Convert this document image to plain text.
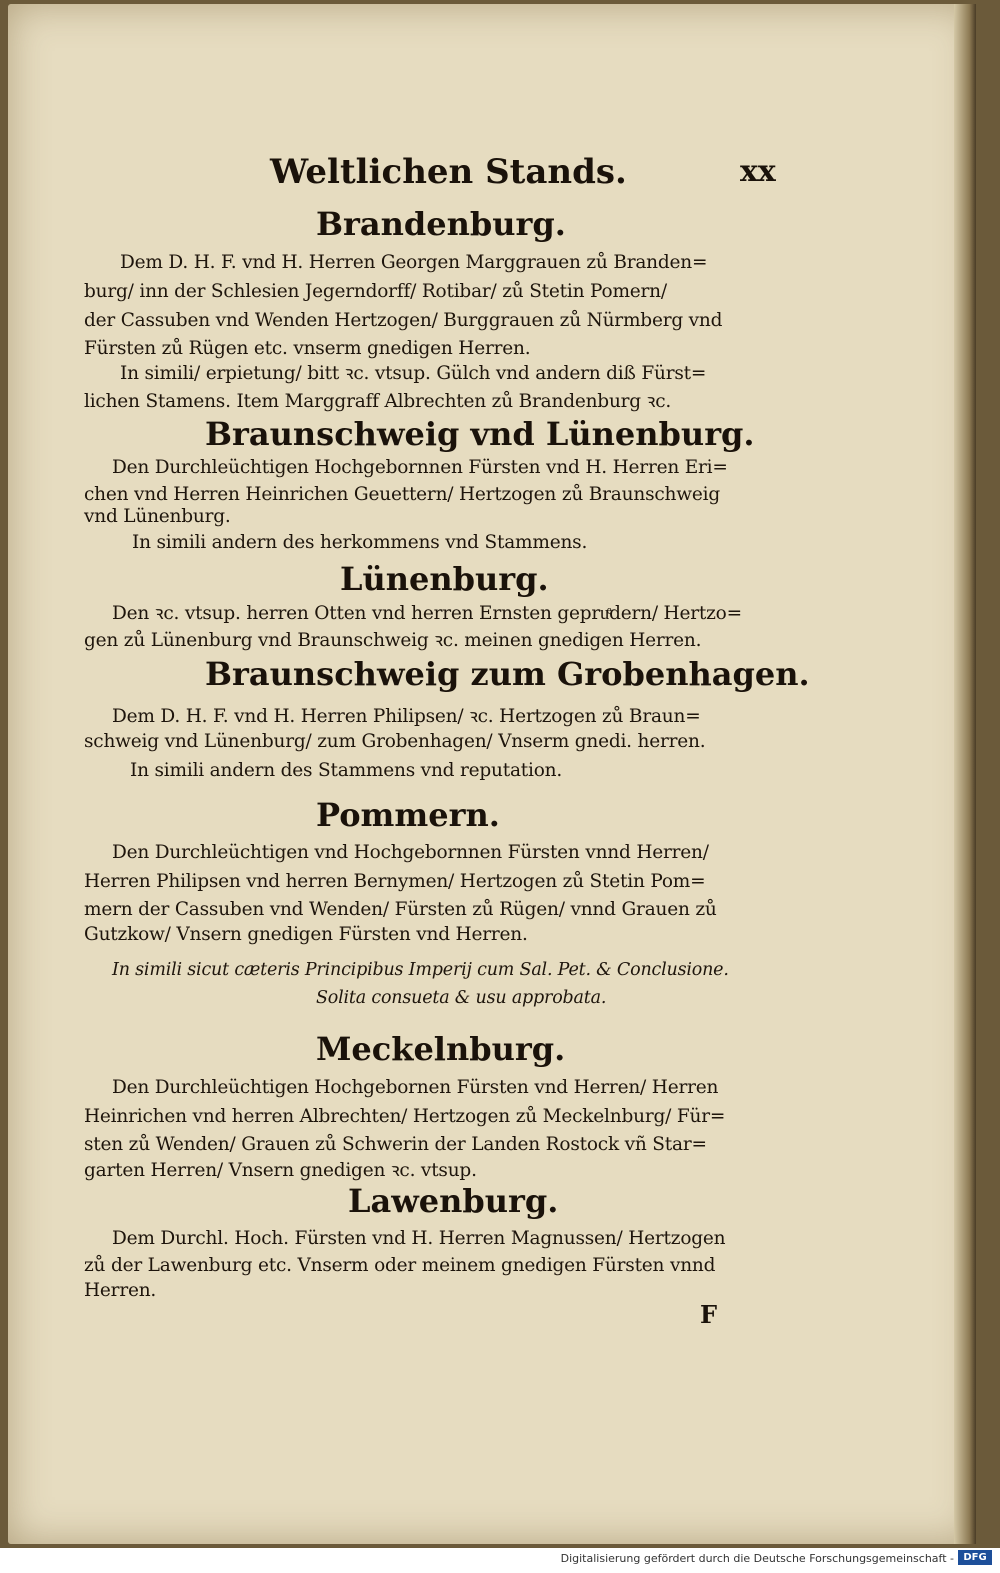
Weltlichen Stands.	xx
Brandenburg.
Dem D. H. F. vnd H. Herren Georgen Marggrauen zů Branden=
burg/ inn der Schlesien Jegerndorff/ Rotibar/ zů Stetin Pomern/
der Cassuben vnd Wenden Hertzogen/ Burggrauen zů Nürmberg vnd
Fürsten zů Rügen etc. vnserm gnedigen Herren.
In simili/ erpietung/ bitt ꝛc. vtsup. Gülch vnd andern diß Fürst=
lichen Stamens. Item Marggraff Albrechten zů Brandenburg ꝛc.
Braunschweig vnd Lünenburg.
Den Durchleüchtigen Hochgebornnen Fürsten vnd H. Herren Eri=
chen vnd Herren Heinrichen Geuettern/ Hertzogen zů Braunschweig
vnd Lünenburg.
In simili andern des herkommens vnd Stammens.
Lünenburg.
Den ꝛc. vtsup. herren Otten vnd herren Ernsten gepruͤdern/ Hertzo=
gen zů Lünenburg vnd Braunschweig ꝛc. meinen gnedigen Herren.
Braunschweig zum Grobenhagen.
Dem D. H. F. vnd H. Herren Philipsen/ ꝛc. Hertzogen zů Braun=
schweig vnd Lünenburg/ zum Grobenhagen/ Vnserm gnedi. herren.
In simili andern des Stammens vnd reputation.
Pommern.
Den Durchleüchtigen vnd Hochgebornnen Fürsten vnnd Herren/
Herren Philipsen vnd herren Bernymen/ Hertzogen zů Stetin Pom=
mern der Cassuben vnd Wenden/ Fürsten zů Rügen/ vnnd Grauen zů
Gutzkow/ Vnsern gnedigen Fürsten vnd Herren.
In simili sicut cæteris Principibus Imperij cum Sal. Pet. & Conclusione.
Solita consueta & usu approbata.
Meckelnburg.
Den Durchleüchtigen Hochgebornen Fürsten vnd Herren/ Herren
Heinrichen vnd herren Albrechten/ Hertzogen zů Meckelnburg/ Für=
sten zů Wenden/ Grauen zů Schwerin der Landen Rostock vñ Star=
garten Herren/ Vnsern gnedigen ꝛc. vtsup.
Lawenburg.
Dem Durchl. Hoch. Fürsten vnd H. Herren Magnussen/ Hertzogen
zů der Lawenburg etc. Vnserm oder meinem gnedigen Fürsten vnnd
Herren.
F
Digitalisierung gefördert durch die Deutsche Forschungsgemeinschaft - DFG
